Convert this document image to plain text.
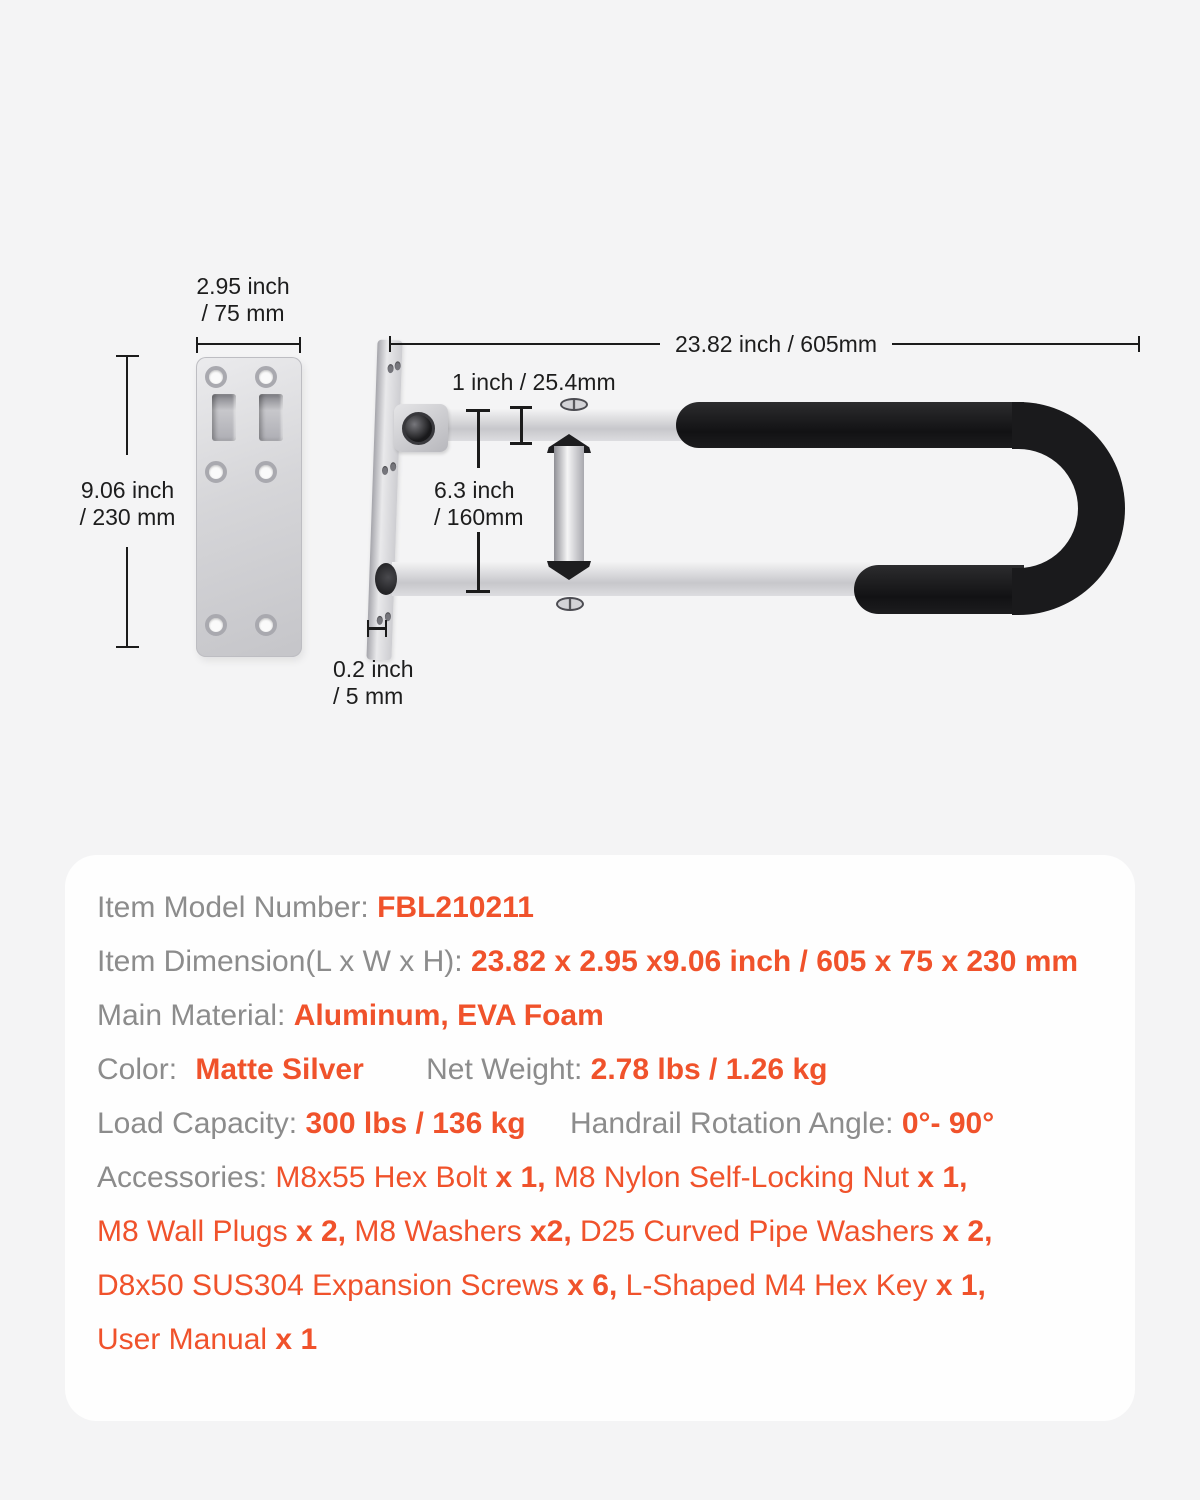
2.95 inch
/ 75 mm
9.06 inch
/ 230 mm
23.82 inch / 605mm
1 inch / 25.4mm
6.3 inch
/ 160mm
0.2 inch
/ 5 mm
Item Model Number: FBL210211
Item Dimension(L x W x H): 23.82 x 2.95 x9.06 inch / 605 x 75 x 230 mm
Main Material: Aluminum, EVA Foam
Color: Matte Silver Net Weight: 2.78 lbs / 1.26 kg
Load Capacity: 300 lbs / 136 kg Handrail Rotation Angle: 0°- 90°
Accessories: M8x55 Hex Bolt x 1, M8 Nylon Self-Locking Nut x 1,
M8 Wall Plugs x 2, M8 Washers x2, D25 Curved Pipe Washers x 2,
D8x50 SUS304 Expansion Screws x 6, L-Shaped M4 Hex Key x 1,
User Manual x 1
